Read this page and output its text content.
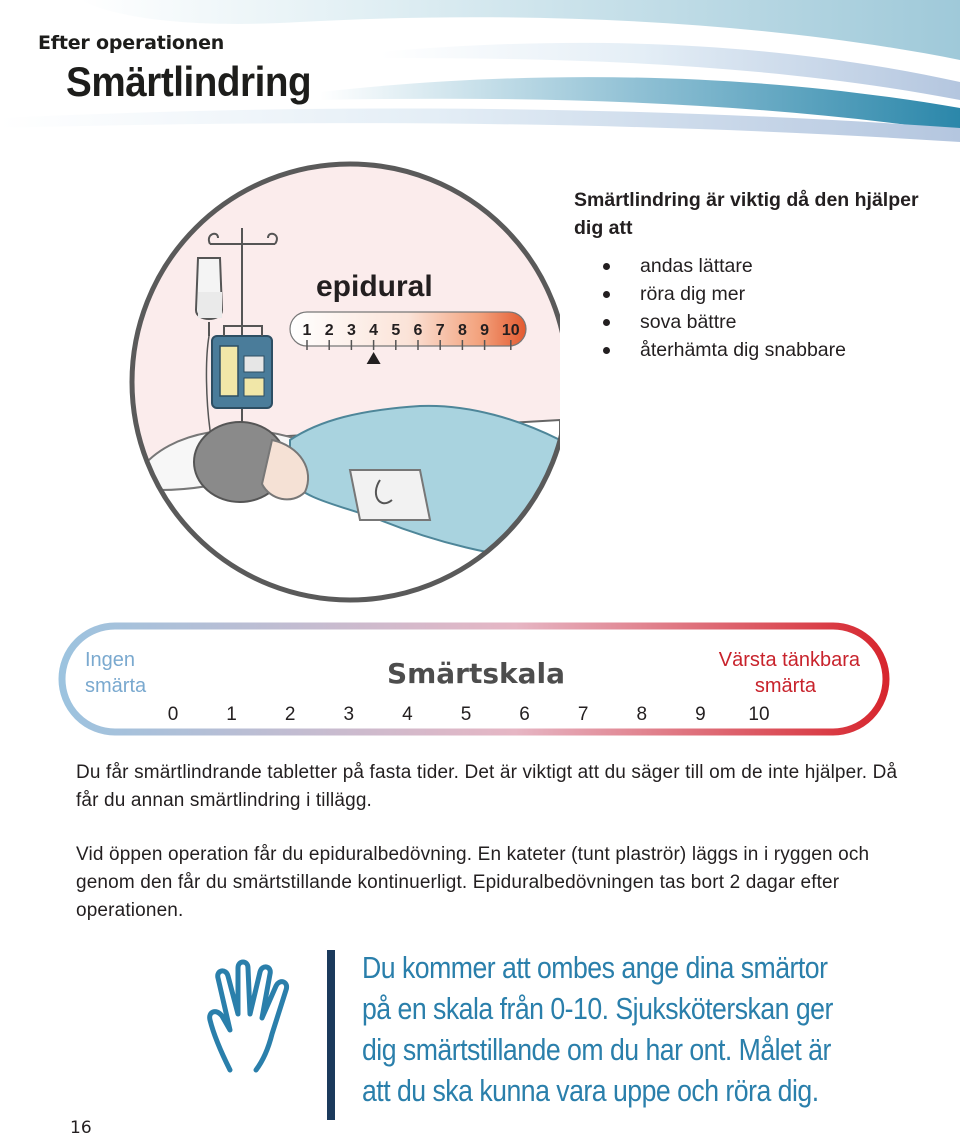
Efter operationen
Smärtlindring
epidural
1 2 3 4 5 6 7 8 9 10
Smärtlindring är viktig då den hjälper dig att
andas lättare
röra dig mer
sova bättre
återhämta dig snabbare
Ingen
smärta	Smärtskala	Värsta tänkbara
smärta
0	1	2	3	4	5	6	7	8	9 10

Du får smärtlindrande tabletter på fasta tider. Det är viktigt att du säger till om de inte hjälper. Då får du annan smärtlindring i tillägg.

Vid öppen operation får du epiduralbedövning. En kateter (tunt plaströr) läggs in i ryggen och genom den får du smärtstillande kontinuerligt. Epiduralbedövningen tas bort 2 dagar efter operationen.

Du kommer att ombes ange dina smärtor på en skala från 0-10. Sjuksköterskan ger dig smärtstillande om du har ont. Målet är att du ska kunna vara uppe och röra dig.
16
